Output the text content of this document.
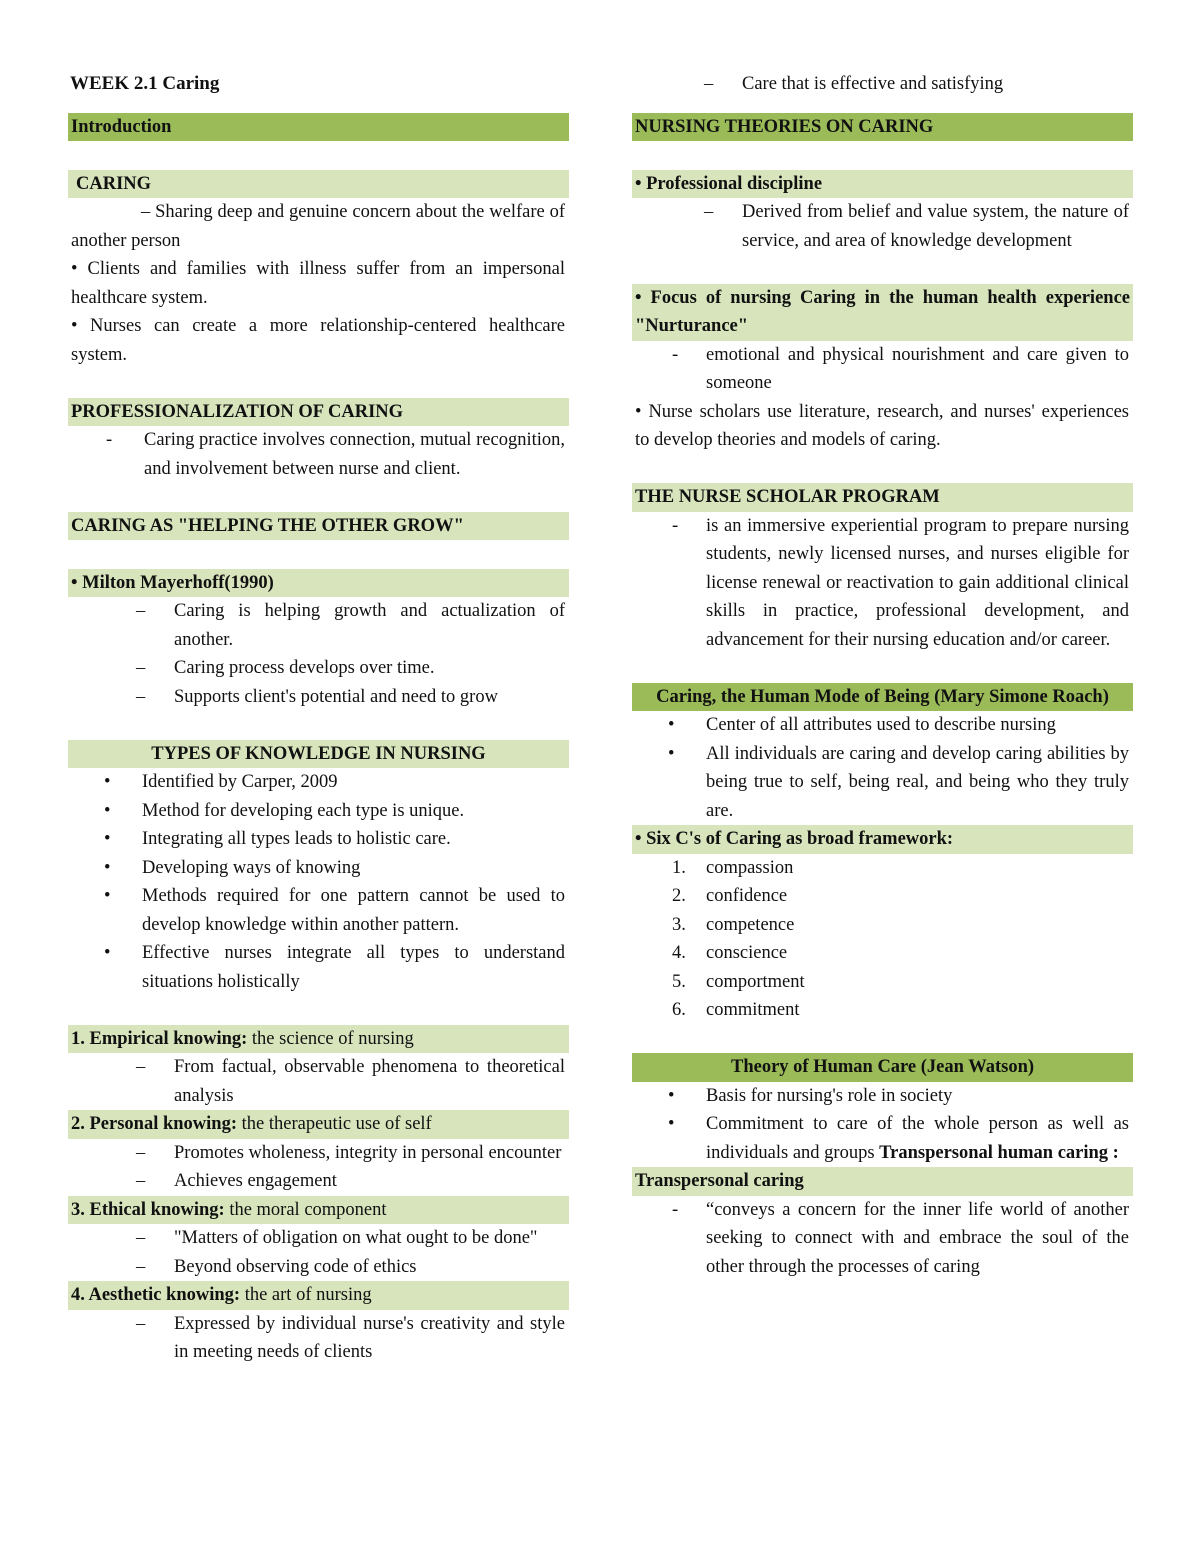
WEEK 2.1 Caring
Introduction
CARING
– Sharing deep and genuine concern about the welfare of another person
• Clients and families with illness suffer from an impersonal healthcare system.
• Nurses can create a more relationship-centered healthcare system.
PROFESSIONALIZATION OF CARING
-	Caring practice involves connection, mutual recognition, and involvement between nurse and client.
CARING AS "HELPING THE OTHER GROW"
• Milton Mayerhoff(1990)
–	Caring is helping growth and actualization of another.
–	Caring process develops over time.
–	Supports client's potential and need to grow
TYPES OF KNOWLEDGE IN NURSING
•	Identified by Carper, 2009
•	Method for developing each type is unique.
•	Integrating all types leads to holistic care.
•	Developing ways of knowing
•	Methods required for one pattern cannot be used to develop knowledge within another pattern.
•	Effective nurses integrate all types to understand situations holistically
1. Empirical knowing: the science of nursing
–	From factual, observable phenomena to theoretical analysis
2. Personal knowing: the therapeutic use of self
–	Promotes wholeness, integrity in personal encounter
–	Achieves engagement
3. Ethical knowing: the moral component
–	"Matters of obligation on what ought to be done"
–	Beyond observing code of ethics
4. Aesthetic knowing: the art of nursing
–	Expressed by individual nurse's creativity and style in meeting needs of clients
–	Care that is effective and satisfying
NURSING THEORIES ON CARING
• Professional discipline
–	Derived from belief and value system, the nature of service, and area of knowledge development
• Focus of nursing Caring in the human health experience "Nurturance"
-	emotional and physical nourishment and care given to someone
• Nurse scholars use literature, research, and nurses' experiences to develop theories and models of caring.
THE NURSE SCHOLAR PROGRAM
-	is an immersive experiential program to prepare nursing students, newly licensed nurses, and nurses eligible for license renewal or reactivation to gain additional clinical skills in practice, professional development, and advancement for their nursing education and/or career.
Caring, the Human Mode of Being (Mary Simone Roach)
•	Center of all attributes used to describe nursing
•	All individuals are caring and develop caring abilities by being true to self, being real, and being who they truly are.
• Six C's of Caring as broad framework:
1.	compassion
2.	confidence
3.	competence
4.	conscience
5.	comportment
6.	commitment
Theory of Human Care (Jean Watson)
•	Basis for nursing's role in society
•	Commitment to care of the whole person as well as individuals and groups Transpersonal human caring :
Transpersonal caring
-	“conveys a concern for the inner life world of another seeking to connect with and embrace the soul of the other through the processes of caring
